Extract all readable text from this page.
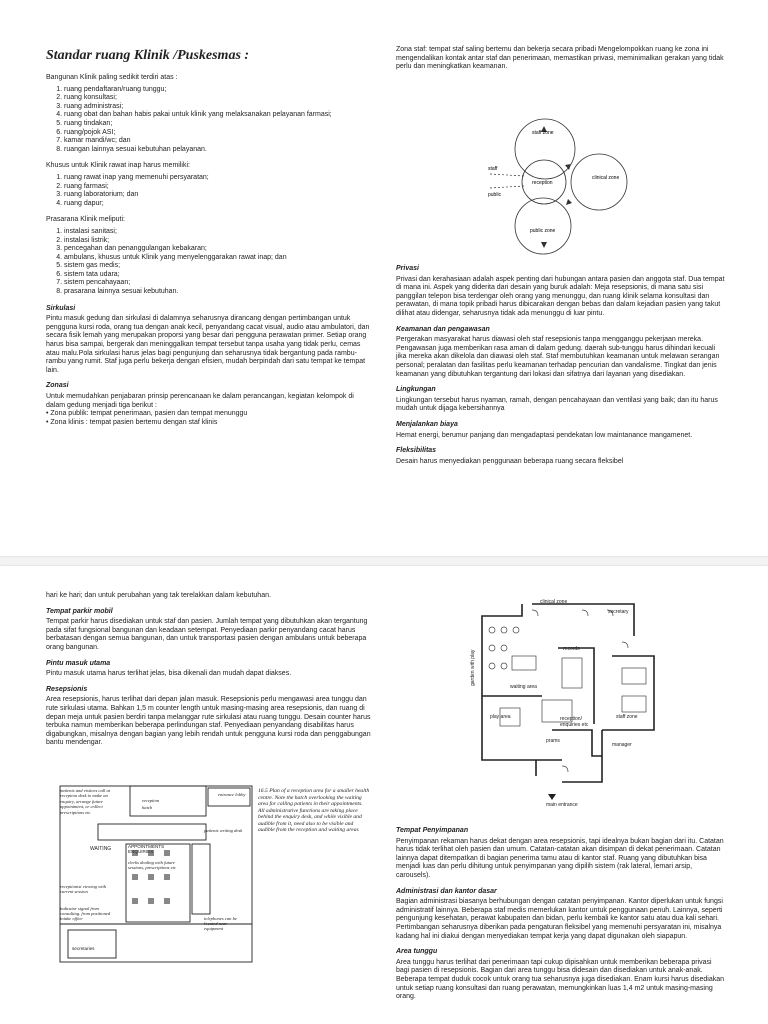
Standar ruang Klinik /Puskesmas :

Bangunan Klinik paling sedikit terdiri atas :

1. ruang pendaftaran/ruang tunggu;
2. ruang konsultasi;
3. ruang administrasi;
4. ruang obat dan bahan habis pakai untuk klinik yang melaksanakan pelayanan farmasi;
5. ruang tindakan;
6. ruang/pojok ASI;
7. kamar mandi/wc; dan
8. ruangan lainnya sesuai kebutuhan pelayanan.

Khusus untuk Klinik rawat inap harus memiliki:

1. ruang rawat inap yang memenuhi persyaratan;
2. ruang farmasi;
3. ruang laboratorium; dan
4. ruang dapur;

Prasarana Klinik meliputi:

1. instalasi sanitasi;
2. instalasi listrik;
3. pencegahan dan penanggulangan kebakaran;
4. ambulans, khusus untuk Klinik yang menyelenggarakan rawat inap; dan
5. sistem gas medis;
6. sistem tata udara;
7. sistem pencahayaan;
8. prasarana lainnya sesuai kebutuhan.
Sirkulasi

Pintu masuk gedung dan sirkulasi di dalamnya seharusnya dirancang dengan pertimbangan untuk pengguna kursi roda, orang tua dengan anak kecil, penyandang cacat visual, audio atau ambulatori, dan secara fisik lemah yang merupakan proporsi yang besar dari pengguna perawatan primer. Setiap orang harus bisa sampai, bergerak dan meninggalkan tempat tersebut tanpa usaha yang tidak perlu, cemas atau malu.Pola sirkulasi harus jelas bagi pengunjung dan seharusnya tidak bergantung pada rambu-rambu yang rumit. Staf juga perlu bekerja dengan efisien, mudah berpindah dari satu tempat ke tempat lain.

Zonasi

Untuk memudahkan penjabaran prinsip perencanaan ke dalam perancangan, kegiatan kelompok di dalam gedung menjadi tiga berikut :

• Zona publik: tempat penerimaan, pasien dan tempat menunggu

• Zona klinis : tempat pasien bertemu dengan staf klinis

Zona staf: tempat staf saling bertemu dan bekerja secara pribadi Mengelompokkan ruang ke zona ini mengendalikan kontak antar staf dan penerimaan, memastikan privasi, meminimalkan gerakan yang tidak perlu dan meningkatkan keamanan.

staff zone
reception
clinical zone
public zone
staff
public
Privasi

Privasi dan kerahasiaan adalah aspek penting dari hubungan antara pasien dan anggota staf. Dua tempat di mana ini. Aspek yang diderita dari desain yang buruk adalah: Meja resepsionis, di mana satu sisi panggilan telepon bisa terdengar oleh orang yang menunggu, dan ruang klinik selama konsultasi dan perawatan, di mana topik pribadi harus dibicarakan dengan bebas dan dalam kejadian pasien yang takut dilihat atau didengar, seharusnya tidak ada menunggu di luar pintu.

Keamanan dan pengawasan

Pergerakan masyarakat harus diawasi oleh staf resepsionis tanpa mengganggu pekerjaan mereka. Pengawasan juga memberikan rasa aman di dalam gedung. daerah sub-tunggu harus dihindari kecuali jika mereka akan dikelola dan diawasi oleh staf. Staf membutuhkan keamanan untuk melawan serangan personal; peralatan dan fasilitas perlu keamanan terhadap pencurian dan vandalisme. Tingkat dan jenis keamanan yang dibutuhkan tergantung dari lokasi dan sifatnya dari layanan yang disediakan.

Lingkungan

Lingkungan tersebut harus nyaman, ramah, dengan pencahayaan dan ventilasi yang baik; dan itu harus mudah untuk dijaga kebersihannya

Menjalankan biaya

Hemat energi, berumur panjang dan mengadaptasi pendekatan low maintanance mangamenet.

Fleksibilitas

Desain harus menyediakan penggunaan beberapa ruang secara fleksibel

hari ke hari; dan untuk perubahan yang tak terelakkan dalam kebutuhan.

Tempat parkir mobil

Tempat parkir harus disediakan untuk staf dan pasien. Jumlah tempat yang dibutuhkan akan tergantung pada sifat fungsional bangunan dan keadaan setempat. Penyediaan parkir penyandang cacat harus berbatasan dengan semua bangunan, dan untuk transportasi pasien dengan ambulans untuk beberapa orang bangunan.

Pintu masuk utama

Pintu masuk utama harus terlihat jelas, bisa dikenali dan mudah dapat diakses.

Resepsionis

Area resepsionis, harus terlihat dari depan jalan masuk. Resepsionis perlu mengawasi area tunggu dan rute sirkulasi utama. Bahkan 1,5 m counter length untuk masing-masing area resepsionis, dan ruang di depan meja untuk pasien berdiri tanpa melanggar rute sirkulasi atau ruang tunggu. Desain counter harus terbuka namun memberikan beberapa perlindungan staf. Penyediaan penyandang disabilitas harus digabungkan, misalnya dengan bagian yang lebih rendah untuk pengguna kursi roda dan penggabungan bantu mendengar.

patients and visitors call at reception desk to make an enquiry, arrange future appointment, or collect prescriptions etc
reception hatch
entrance lobby
WAITING	APPOINTMENTS ENQUIRIES
clerks dealing with future sessions, prescriptions etc
receptionist viewing with current session
indicator signal from consulting. from positioned intake office
patients writing desk
telephones can be located near equipment
secretaries
16.5 Plan of a reception area for a smaller health centre. Note the hatch overlooking the waiting area for calling patients in their appointments. All administrative functions are taking place behind the enquiry desk, and while visible and audible from it, need also to be visible and audible from the reception and waiting areas
clinical zone
secretary
records
waiting area
garden with play
play area	reception/ enquiries etc
prams
staff zone
manager
main entrance
Tempat Penyimpanan

Penyimpanan rekaman harus dekat dengan area resepsionis, tapi idealnya bukan bagian dari itu. Catatan harus tidak terlihat oleh pasien dan umum. Catatan-catatan akan disimpan di dekat penerimaan. Catatan lainnya dapat ditempatkan di bagian penerima tamu atau di kantor staf. Ruang yang dibutuhkan bisa menjadi luas dan perlu dihitung untuk penyimpanan yang dipilih sistem (rak lateral, lemari arsip, carousels).

Administrasi dan kantor dasar

Bagian administrasi biasanya berhubungan dengan catatan penyimpanan. Kantor diperlukan untuk fungsi administratif lainnya. Beberapa staf medis memerlukan kantor untuk penggunaan penuh. Lainnya, seperti pengunjung kesehatan, perawat kabupaten dan bidan, perlu kembali ke kantor satu atau dua kali sehari. Pertimbangan seharusnya diberikan pada pengaturan fleksibel yang memenuhi persyaratan ini, misalnya kadang hal ini diakui dengan menyediakan tempat kerja yang dapat digunakan oleh siapapun.

Area tunggu

Area tunggu harus terlihat dari penerimaan tapi cukup dipisahkan untuk memberikan beberapa privasi bagi pasien di resepsionis. Bagian dari area tunggu bisa didesain dan disediakan untuk anak-anak. Beberapa tempat duduk cocok untuk orang tua seharusnya juga disediakan. Enam kursi harus disediakan untuk setiap ruang konsultasi dan ruang perawatan, memungkinkan luas 1,4 m2 untuk masing-masing orang.
